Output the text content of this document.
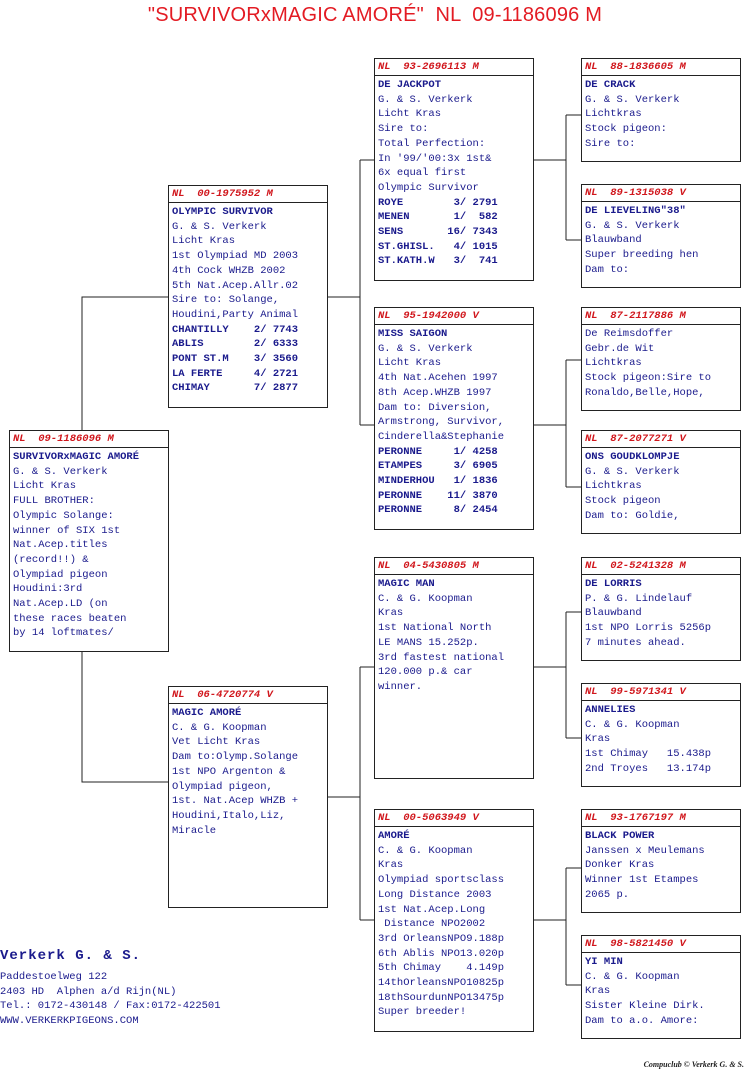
"SURVIVORxMAGIC AMORÉ"  NL  09-1186096 M
NL  09-1186096 M
SURVIVORxMAGIC AMORÉ
G. & S. Verkerk
Licht Kras
FULL BROTHER:
Olympic Solange:
winner of SIX 1st
Nat.Acep.titles
(record!!) &
Olympiad pigeon
Houdini:3rd
Nat.Acep.LD (on
these races beaten
by 14 loftmates/
NL  00-1975952 M
OLYMPIC SURVIVOR
G. & S. Verkerk
Licht Kras
1st Olympiad MD 2003
4th Cock WHZB 2002
5th Nat.Acep.Allr.02
Sire to: Solange,
Houdini,Party Animal
CHANTILLY    2/ 7743
ABLIS        2/ 6333
PONT ST.M    3/ 3560
LA FERTE     4/ 2721
CHIMAY       7/ 2877
NL  06-4720774 V
MAGIC AMORÉ
C. & G. Koopman
Vet Licht Kras
Dam to:Olymp.Solange
1st NPO Argenton &
Olympiad pigeon,
1st. Nat.Acep WHZB +
Houdini,Italo,Liz,
Miracle
NL  93-2696113 M
DE JACKPOT
G. & S. Verkerk
Licht Kras
Sire to:
Total Perfection:
In '99/'00:3x 1st&
6x equal first
Olympic Survivor
ROYE        3/ 2791
MENEN       1/  582
SENS       16/ 7343
ST.GHISL.   4/ 1015
ST.KATH.W   3/  741
NL  95-1942000 V
MISS SAIGON
G. & S. Verkerk
Licht Kras
4th Nat.Acehen 1997
8th Acep.WHZB 1997
Dam to: Diversion,
Armstrong, Survivor,
Cinderella&Stephanie
PERONNE     1/ 4258
ETAMPES     3/ 6905
MINDERHOU   1/ 1836
PERONNE    11/ 3870
PERONNE     8/ 2454
NL  04-5430805 M
MAGIC MAN
C. & G. Koopman
Kras
1st National North
LE MANS 15.252p.
3rd fastest national
120.000 p.& car
winner.
NL  00-5063949 V
AMORÉ
C. & G. Koopman
Kras
Olympiad sportsclass
Long Distance 2003
1st Nat.Acep.Long
Distance NPO2002
3rd OrleansNPO9.188p
6th Ablis NPO13.020p
5th Chimay    4.149p
14thOrleansNPO10825p
18thSourdunNPO13475p
Super breeder!
NL  88-1836605 M
DE CRACK
G. & S. Verkerk
Lichtkras
Stock pigeon:
Sire to:
NL  89-1315038 V
DE LIEVELING"38"
G. & S. Verkerk
Blauwband
Super breeding hen
Dam to:
NL  87-2117886 M
De Reimsdoffer
Gebr.de Wit
Lichtkras
Stock pigeon:Sire to
Ronaldo,Belle,Hope,
NL  87-2077271 V
ONS GOUDKLOMPJE
G. & S. Verkerk
Lichtkras
Stock pigeon
Dam to: Goldie,
NL  02-5241328 M
DE LORRIS
P. & G. Lindelauf
Blauwband
1st NPO Lorris 5256p
7 minutes ahead.
NL  99-5971341 V
ANNELIES
C. & G. Koopman
Kras
1st Chimay   15.438p
2nd Troyes   13.174p
NL  93-1767197 M
BLACK POWER
Janssen x Meulemans
Donker Kras
Winner 1st Etampes
2065 p.
NL  98-5821450 V
YI MIN
C. & G. Koopman
Kras
Sister Kleine Dirk.
Dam to a.o. Amore:
Verkerk G. & S.
Paddestoelweg 122
2403 HD  Alphen a/d Rijn(NL)
Tel.: 0172-430148 / Fax:0172-422501
WWW.VERKERKPIGEONS.COM
Compuclub © Verkerk G. & S.
